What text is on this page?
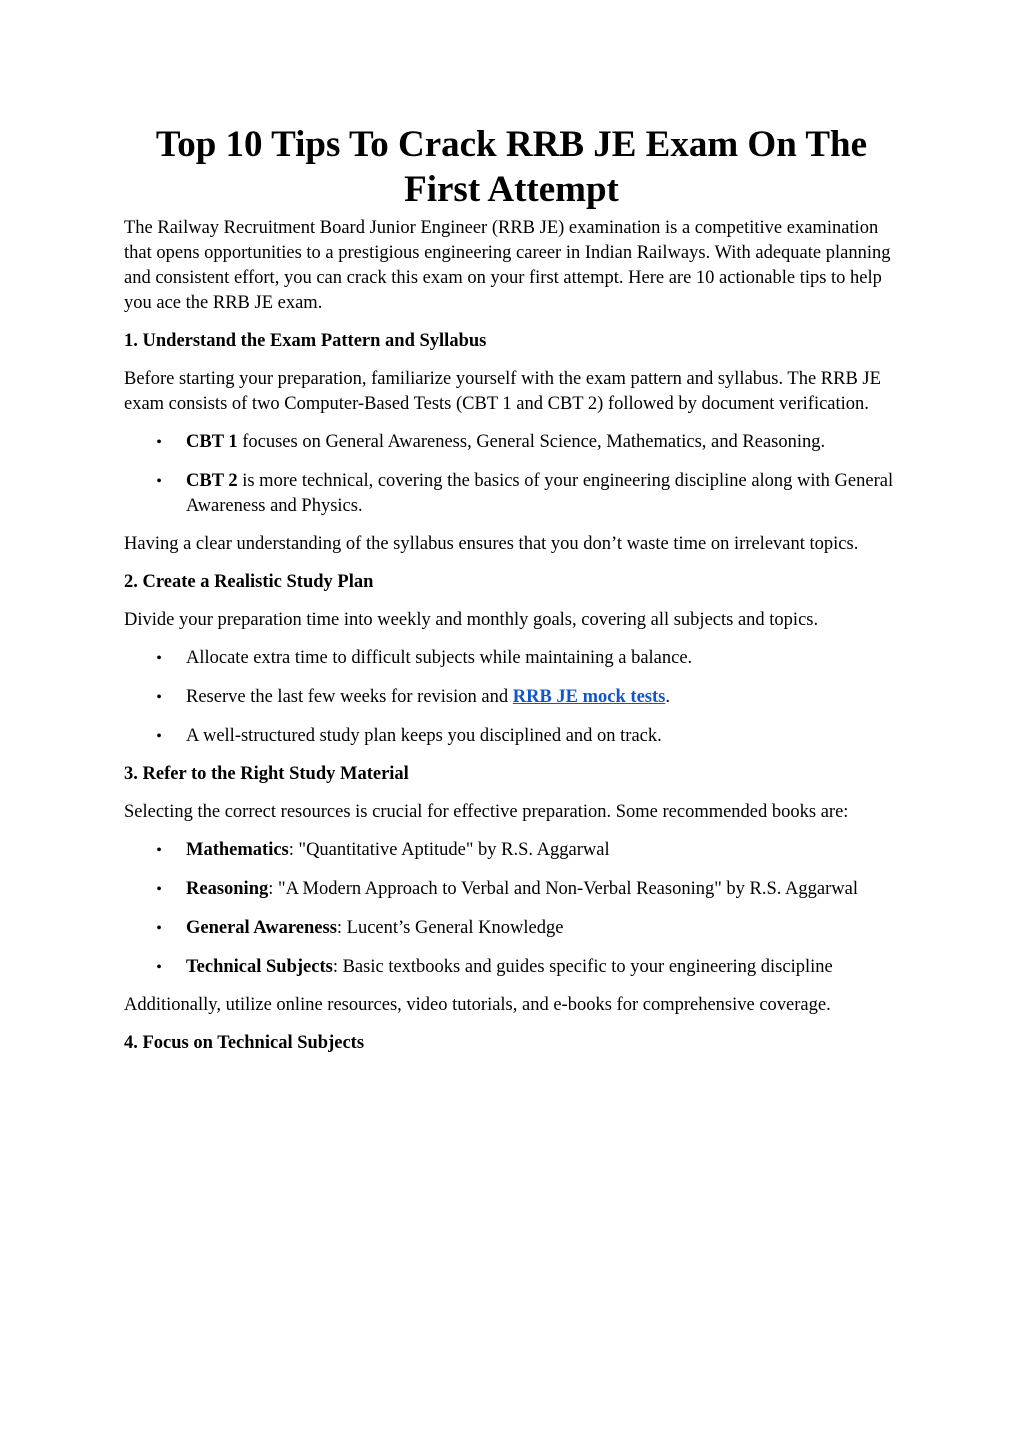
Top 10 Tips To Crack RRB JE Exam On The First Attempt

The Railway Recruitment Board Junior Engineer (RRB JE) examination is a competitive examination that opens opportunities to a prestigious engineering career in Indian Railways. With adequate planning and consistent effort, you can crack this exam on your first attempt. Here are 10 actionable tips to help you ace the RRB JE exam.

1. Understand the Exam Pattern and Syllabus

Before starting your preparation, familiarize yourself with the exam pattern and syllabus. The RRB JE exam consists of two Computer-Based Tests (CBT 1 and CBT 2) followed by document verification.

• CBT 1 focuses on General Awareness, General Science, Mathematics, and Reasoning.
• CBT 2 is more technical, covering the basics of your engineering discipline along with General Awareness and Physics.

Having a clear understanding of the syllabus ensures that you don’t waste time on irrelevant topics.

2. Create a Realistic Study Plan

Divide your preparation time into weekly and monthly goals, covering all subjects and topics.

• Allocate extra time to difficult subjects while maintaining a balance.
• Reserve the last few weeks for revision and RRB JE mock tests.
• A well-structured study plan keeps you disciplined and on track.
3. Refer to the Right Study Material

Selecting the correct resources is crucial for effective preparation. Some recommended books are:

• Mathematics: "Quantitative Aptitude" by R.S. Aggarwal
• Reasoning: "A Modern Approach to Verbal and Non-Verbal Reasoning" by R.S. Aggarwal
• General Awareness: Lucent’s General Knowledge
• Technical Subjects: Basic textbooks and guides specific to your engineering discipline

Additionally, utilize online resources, video tutorials, and e-books for comprehensive coverage.

4. Focus on Technical Subjects
